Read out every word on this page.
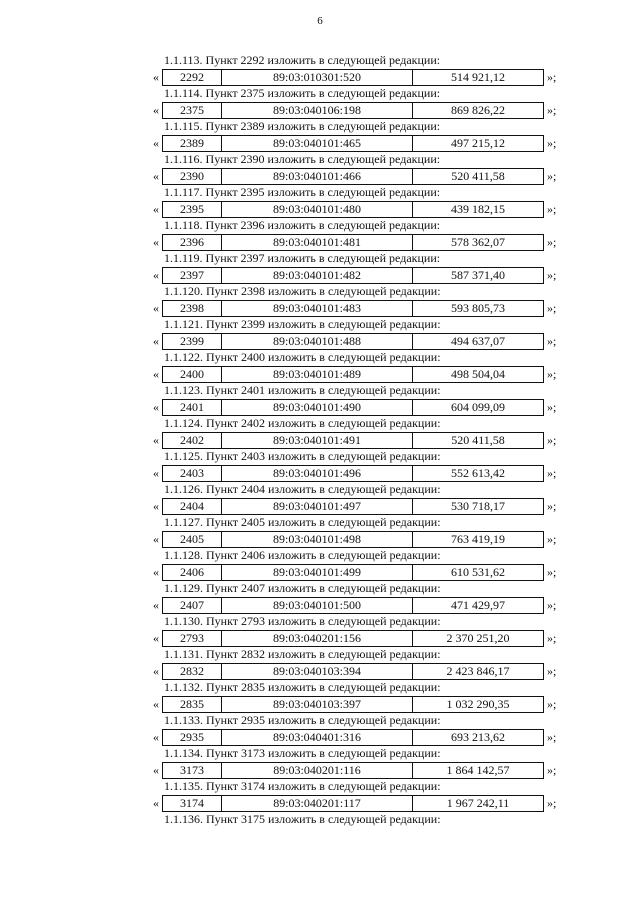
6
1.1.113. Пункт 2292 изложить в следующей редакции:
«	2292	89:03:010301:520	514 921,12	»;
1.1.114. Пункт 2375 изложить в следующей редакции:
«	2375	89:03:040106:198	869 826,22	»;
1.1.115. Пункт 2389 изложить в следующей редакции:
«	2389	89:03:040101:465	497 215,12	»;
1.1.116. Пункт 2390 изложить в следующей редакции:
«	2390	89:03:040101:466	520 411,58	»;
1.1.117. Пункт 2395 изложить в следующей редакции:
«	2395	89:03:040101:480	439 182,15	»;
1.1.118. Пункт 2396 изложить в следующей редакции:
«	2396	89:03:040101:481	578 362,07	»;
1.1.119. Пункт 2397 изложить в следующей редакции:
«	2397	89:03:040101:482	587 371,40	»;
1.1.120. Пункт 2398 изложить в следующей редакции:
«	2398	89:03:040101:483	593 805,73	»;
1.1.121. Пункт 2399 изложить в следующей редакции:
«	2399	89:03:040101:488	494 637,07	»;
1.1.122. Пункт 2400 изложить в следующей редакции:
«	2400	89:03:040101:489	498 504,04	»;
1.1.123. Пункт 2401 изложить в следующей редакции:
«	2401	89:03:040101:490	604 099,09	»;
1.1.124. Пункт 2402 изложить в следующей редакции:
«	2402	89:03:040101:491	520 411,58	»;
1.1.125. Пункт 2403 изложить в следующей редакции:
«	2403	89:03:040101:496	552 613,42	»;
1.1.126. Пункт 2404 изложить в следующей редакции:
«	2404	89:03:040101:497	530 718,17	»;
1.1.127. Пункт 2405 изложить в следующей редакции:
«	2405	89:03:040101:498	763 419,19	»;
1.1.128. Пункт 2406 изложить в следующей редакции:
«	2406	89:03:040101:499	610 531,62	»;
1.1.129. Пункт 2407 изложить в следующей редакции:
«	2407	89:03:040101:500	471 429,97	»;
1.1.130. Пункт 2793 изложить в следующей редакции:
«	2793	89:03:040201:156	2 370 251,20	»;
1.1.131. Пункт 2832 изложить в следующей редакции:
«	2832	89:03:040103:394	2 423 846,17	»;
1.1.132. Пункт 2835 изложить в следующей редакции:
«	2835	89:03:040103:397	1 032 290,35	»;
1.1.133. Пункт 2935 изложить в следующей редакции:
«	2935	89:03:040401:316	693 213,62	»;
1.1.134. Пункт 3173 изложить в следующей редакции:
«	3173	89:03:040201:116	1 864 142,57	»;
1.1.135. Пункт 3174 изложить в следующей редакции:
«	3174	89:03:040201:117	1 967 242,11	»;
1.1.136. Пункт 3175 изложить в следующей редакции:
